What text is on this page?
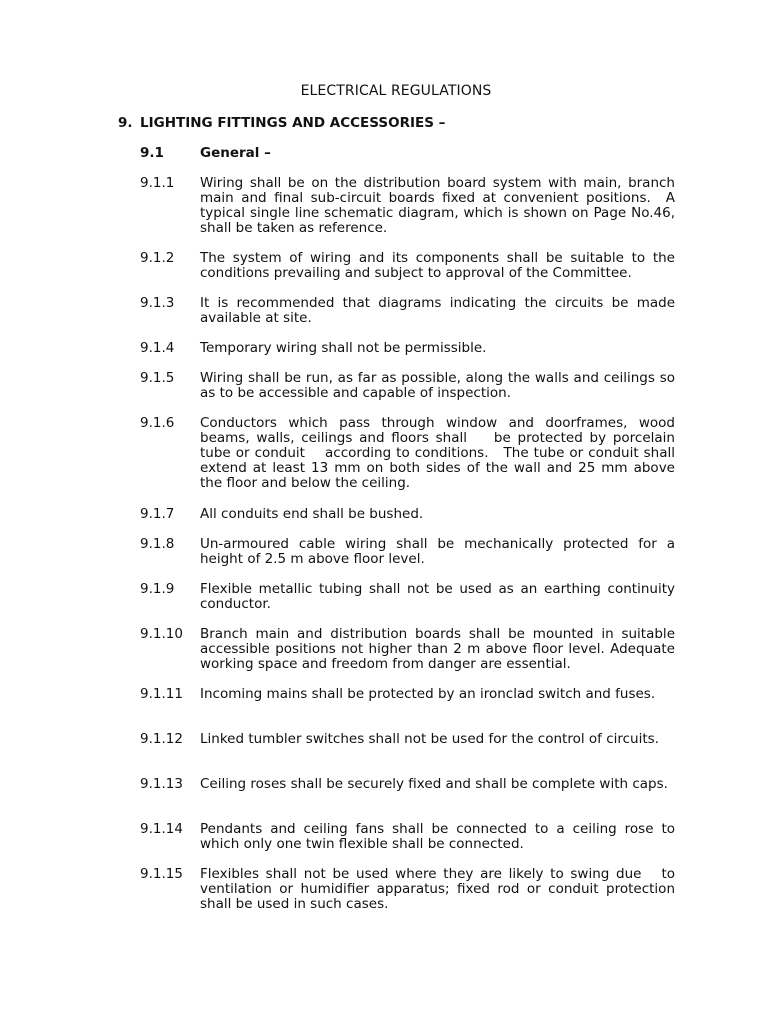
ELECTRICAL REGULATIONS
9. LIGHTING FITTINGS AND ACCESSORIES –
9.1	General –
9.1.1 Wiring shall be on the distribution board system with main, branch main and final sub-circuit boards fixed at convenient positions.  A typical single line schematic diagram, which is shown on Page No.46, shall be taken as reference.
9.1.2 The system of wiring and its components shall be suitable to the conditions prevailing and subject to approval of the Committee.
9.1.3 It is recommended that diagrams indicating the circuits be made available at site.
9.1.4 Temporary wiring shall not be permissible.
9.1.5 Wiring shall be run, as far as possible, along the walls and ceilings so as to be accessible and capable of inspection.
9.1.6 Conductors which pass through window and doorframes, wood beams, walls, ceilings and floors shall    be protected by porcelain tube or conduit    according to conditions.   The tube or conduit shall extend at least 13 mm on both sides of the wall and 25 mm above           the floor and below the ceiling.
9.1.7 All conduits end shall be bushed.
9.1.8 Un-armoured cable wiring shall be mechanically protected for a height of 2.5 m above floor level.
9.1.9 Flexible metallic tubing shall not be used as an earthing continuity conductor.
9.1.10 Branch main and distribution boards shall be mounted in suitable accessible positions not higher than 2 m above floor level. Adequate working space and freedom from danger are essential.
9.1.11 Incoming mains shall be protected by an ironclad switch and fuses.
9.1.12 Linked tumbler switches shall not be used for the control of circuits.
9.1.13 Ceiling roses shall be securely fixed and shall be complete with caps.
9.1.14 Pendants and ceiling fans shall be connected to a ceiling rose to which only one twin flexible shall be connected.
9.1.15 Flexibles shall not be used where they are likely to swing due   to ventilation or humidifier apparatus; fixed rod or conduit protection shall be used in such cases.
